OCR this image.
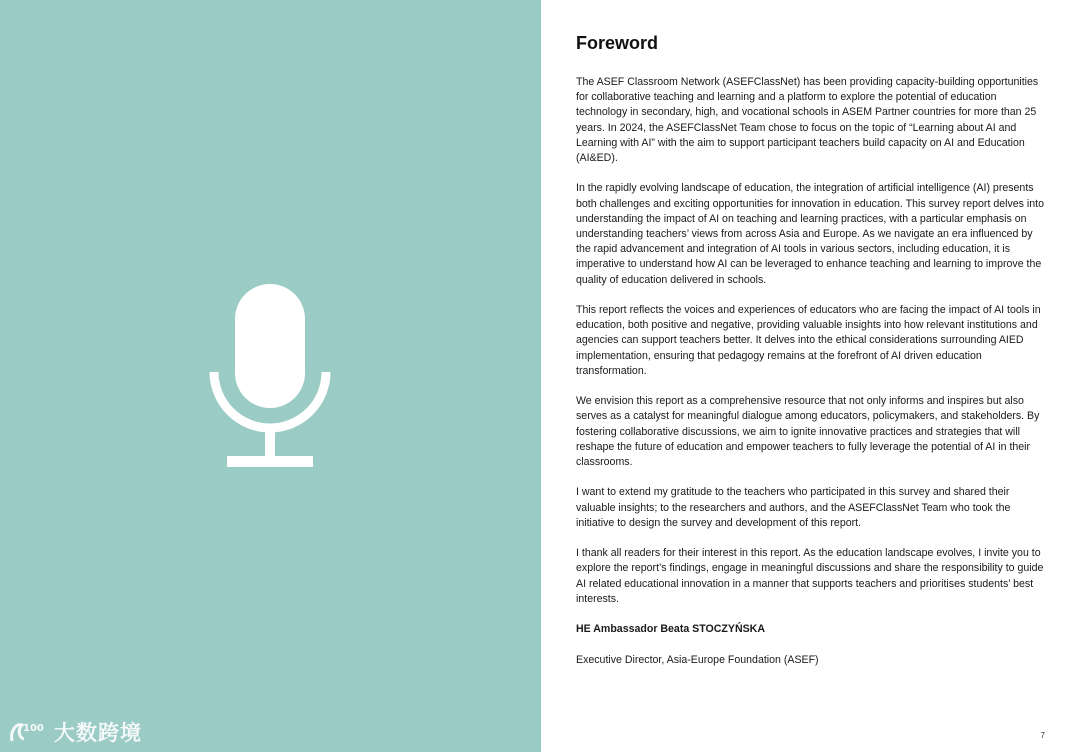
100 大数跨境
Foreword

The ASEF Classroom Network (ASEFClassNet) has been providing capacity-building opportunities for collaborative teaching and learning and a platform to explore the potential of education technology in secondary, high, and vocational schools in ASEM Partner countries for more than 25 years. In 2024, the ASEFClassNet Team chose to focus on the topic of “Learning about AI and Learning with AI” with the aim to support participant teachers build capacity on AI and Education (AI&ED).

In the rapidly evolving landscape of education, the integration of artificial intelligence (AI) presents both challenges and exciting opportunities for innovation in education. This survey report delves into understanding the impact of AI on teaching and learning practices, with a particular emphasis on understanding teachers’ views from across Asia and Europe. As we navigate an era influenced by the rapid advancement and integration of AI tools in various sectors, including education, it is imperative to understand how AI can be leveraged to enhance teaching and learning to improve the quality of education delivered in schools.

This report reflects the voices and experiences of educators who are facing the impact of AI tools in education, both positive and negative, providing valuable insights into how relevant institutions and agencies can support teachers better. It delves into the ethical considerations surrounding AIED implementation, ensuring that pedagogy remains at the forefront of AI driven education transformation.

We envision this report as a comprehensive resource that not only informs and inspires but also serves as a catalyst for meaningful dialogue among educators, policymakers, and stakeholders. By fostering collaborative discussions, we aim to ignite innovative practices and strategies that will reshape the future of education and empower teachers to fully leverage the potential of AI in their classrooms.

I want to extend my gratitude to the teachers who participated in this survey and shared their valuable insights; to the researchers and authors, and the ASEFClassNet Team who took the initiative to design the survey and development of this report.

I thank all readers for their interest in this report. As the education landscape evolves, I invite you to explore the report’s findings, engage in meaningful discussions and share the responsibility to guide AI related educational innovation in a manner that supports teachers and prioritises students’ best interests.

HE Ambassador Beata STOCZYŃSKA

Executive Director, Asia-Europe Foundation (ASEF)

7
